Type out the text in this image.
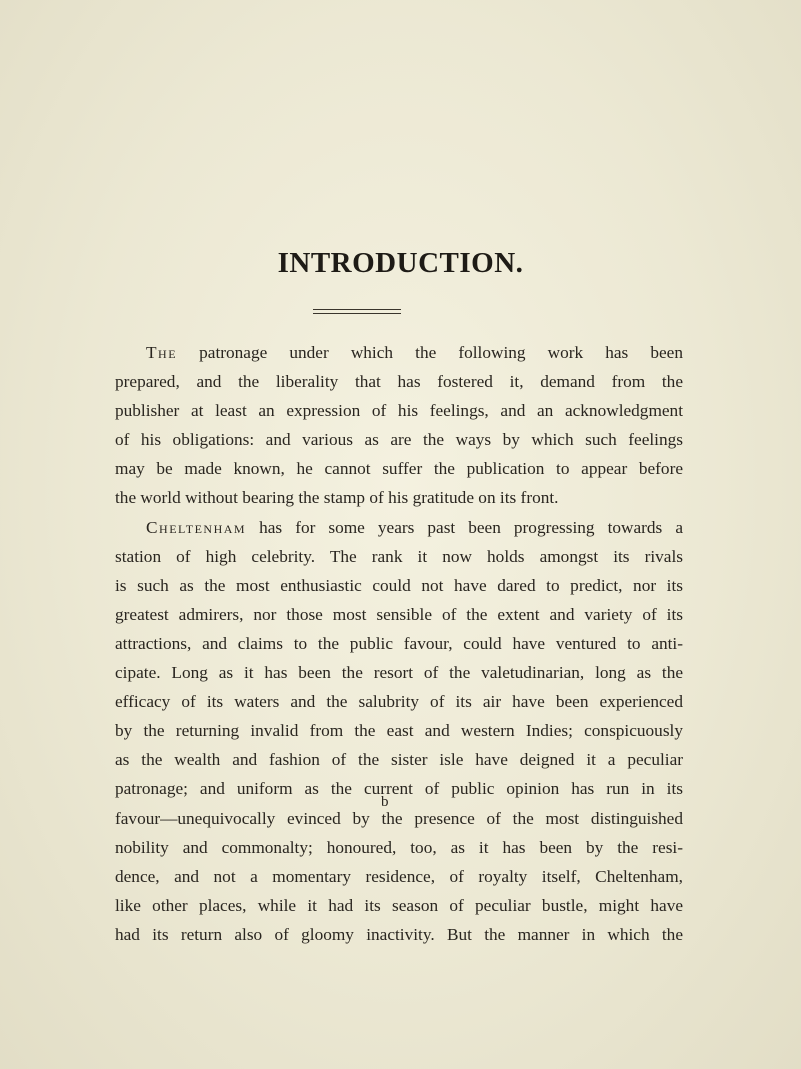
INTRODUCTION.
The patronage under which the following work has been
prepared, and the liberality that has fostered it, demand from the
publisher at least an expression of his feelings, and an acknowledgment
of his obligations: and various as are the ways by which such feelings
may be made known, he cannot suffer the publication to appear before
the world without bearing the stamp of his gratitude on its front.
Cheltenham has for some years past been progressing towards a
station of high celebrity. The rank it now holds amongst its rivals
is such as the most enthusiastic could not have dared to predict, nor its
greatest admirers, nor those most sensible of the extent and variety of its
attractions, and claims to the public favour, could have ventured to anti-
cipate. Long as it has been the resort of the valetudinarian, long as the
efficacy of its waters and the salubrity of its air have been experienced
by the returning invalid from the east and western Indies; conspicuously
as the wealth and fashion of the sister isle have deigned it a peculiar
patronage; and uniform as the current of public opinion has run in its
favour—unequivocally evinced by the presence of the most distinguished
nobility and commonalty; honoured, too, as it has been by the resi-
dence, and not a momentary residence, of royalty itself, Cheltenham,
like other places, while it had its season of peculiar bustle, might have
had its return also of gloomy inactivity. But the manner in which the
b
